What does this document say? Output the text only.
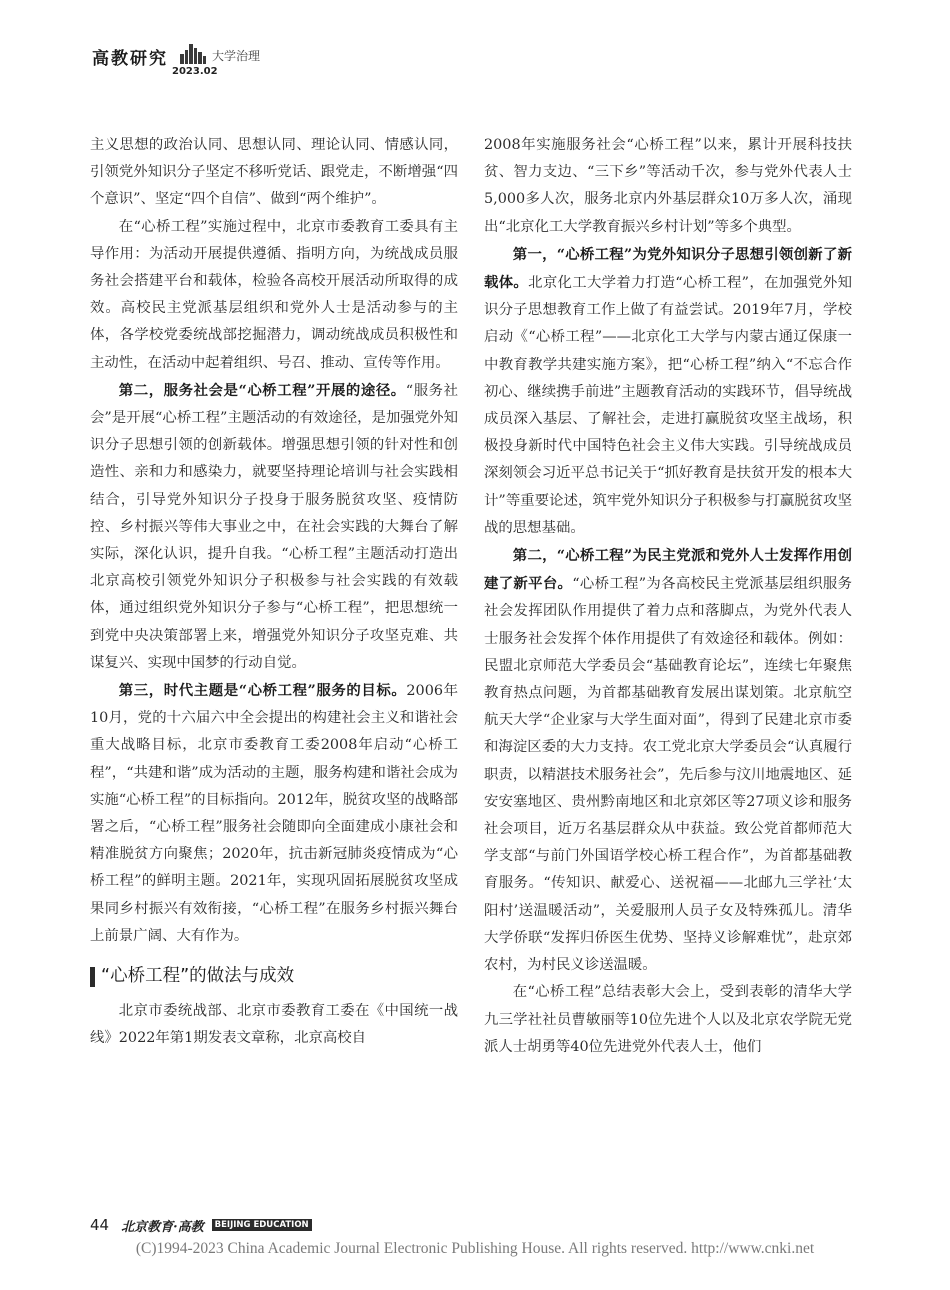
高教研究	大学治理
2023.02

主义思想的政治认同、思想认同、理论认同、情感认同，引领党外知识分子坚定不移听党话、跟党走，不断增强“四个意识”、坚定“四个自信”、做到“两个维护”。

在“心桥工程”实施过程中，北京市委教育工委具有主导作用：为活动开展提供遵循、指明方向，为统战成员服务社会搭建平台和载体，检验各高校开展活动所取得的成效。高校民主党派基层组织和党外人士是活动参与的主体，各学校党委统战部挖掘潜力，调动统战成员积极性和主动性，在活动中起着组织、号召、推动、宣传等作用。

第二，服务社会是“心桥工程”开展的途径。“服务社会”是开展“心桥工程”主题活动的有效途径，是加强党外知识分子思想引领的创新载体。增强思想引领的针对性和创造性、亲和力和感染力，就要坚持理论培训与社会实践相结合，引导党外知识分子投身于服务脱贫攻坚、疫情防控、乡村振兴等伟大事业之中，在社会实践的大舞台了解实际，深化认识，提升自我。“心桥工程”主题活动打造出北京高校引领党外知识分子积极参与社会实践的有效载体，通过组织党外知识分子参与“心桥工程”，把思想统一到党中央决策部署上来，增强党外知识分子攻坚克难、共谋复兴、实现中国梦的行动自觉。

第三，时代主题是“心桥工程”服务的目标。2006年10月，党的十六届六中全会提出的构建社会主义和谐社会重大战略目标，北京市委教育工委2008年启动“心桥工程”，“共建和谐”成为活动的主题，服务构建和谐社会成为实施“心桥工程”的目标指向。2012年，脱贫攻坚的战略部署之后，“心桥工程”服务社会随即向全面建成小康社会和精准脱贫方向聚焦；2020年，抗击新冠肺炎疫情成为“心桥工程”的鲜明主题。2021年，实现巩固拓展脱贫攻坚成果同乡村振兴有效衔接，“心桥工程”在服务乡村振兴舞台上前景广阔、大有作为。

“心桥工程”的做法与成效

北京市委统战部、北京市委教育工委在《中国统一战线》2022年第1期发表文章称，北京高校自

2008年实施服务社会“心桥工程”以来，累计开展科技扶贫、智力支边、“三下乡”等活动千次，参与党外代表人士5,000多人次，服务北京内外基层群众10万多人次，涌现出“北京化工大学教育振兴乡村计划”等多个典型。

第一，“心桥工程”为党外知识分子思想引领创新了新载体。北京化工大学着力打造“心桥工程”，在加强党外知识分子思想教育工作上做了有益尝试。2019年7月，学校启动《“心桥工程”——北京化工大学与内蒙古通辽保康一中教育教学共建实施方案》，把“心桥工程”纳入“不忘合作初心、继续携手前进”主题教育活动的实践环节，倡导统战成员深入基层、了解社会，走进打赢脱贫攻坚主战场，积极投身新时代中国特色社会主义伟大实践。引导统战成员深刻领会习近平总书记关于“抓好教育是扶贫开发的根本大计”等重要论述，筑牢党外知识分子积极参与打赢脱贫攻坚战的思想基础。

第二，“心桥工程”为民主党派和党外人士发挥作用创建了新平台。“心桥工程”为各高校民主党派基层组织服务社会发挥团队作用提供了着力点和落脚点，为党外代表人士服务社会发挥个体作用提供了有效途径和载体。例如：民盟北京师范大学委员会“基础教育论坛”，连续七年聚焦教育热点问题，为首都基础教育发展出谋划策。北京航空航天大学“企业家与大学生面对面”，得到了民建北京市委和海淀区委的大力支持。农工党北京大学委员会“认真履行职责，以精湛技术服务社会”，先后参与汶川地震地区、延安安塞地区、贵州黔南地区和北京郊区等27项义诊和服务社会项目，近万名基层群众从中获益。致公党首都师范大学支部“与前门外国语学校心桥工程合作”，为首都基础教育服务。“传知识、献爱心、送祝福——北邮九三学社‘太阳村’送温暖活动”，关爱服刑人员子女及特殊孤儿。清华大学侨联“发挥归侨医生优势、坚持义诊解难忧”，赴京郊农村，为村民义诊送温暖。

在“心桥工程”总结表彰大会上，受到表彰的清华大学九三学社社员曹敏丽等10位先进个人以及北京农学院无党派人士胡勇等40位先进党外代表人士，他们

44 北京教育·高教	BEIJING EDUCATION
(C)1994-2023 China Academic Journal Electronic Publishing House. All rights reserved. http://www.cnki.net
